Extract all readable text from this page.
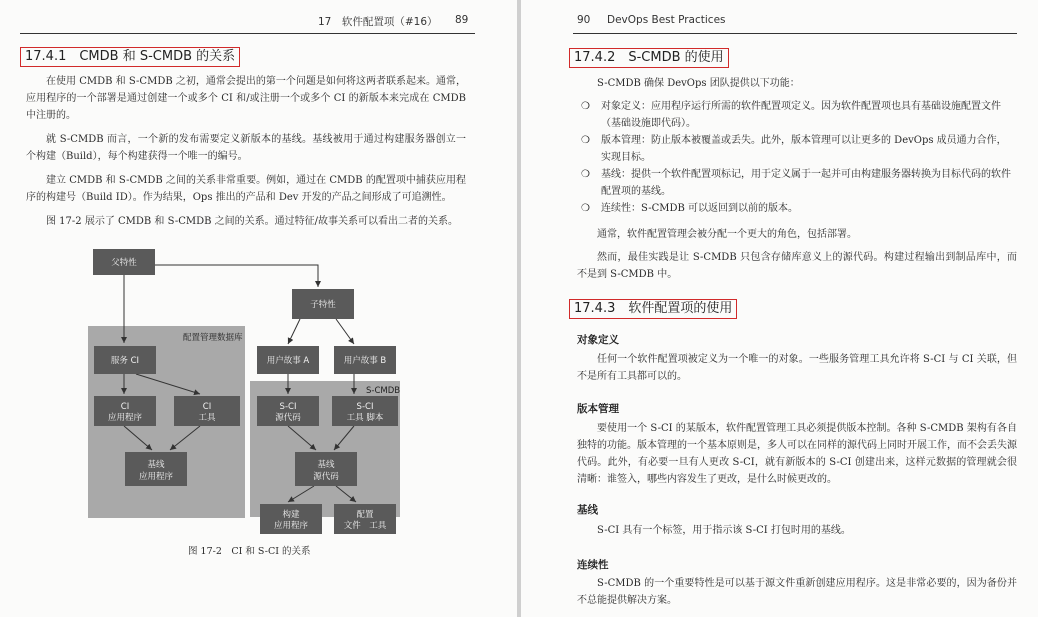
17　软件配置项（#16） 89
17.4.1　CMDB 和 S-CMDB 的关系
在使用 CMDB 和 S-CMDB 之初，通常会提出的第一个问题是如何将这两者联系起来。通常，应用程序的一个部署是通过创建一个或多个 CI 和/或注册一个或多个 CI 的新版本来完成在 CMDB 中注册的。
就 S-CMDB 而言，一个新的发布需要定义新版本的基线。基线被用于通过构建服务器创立一个构建（Build），每个构建获得一个唯一的编号。
建立 CMDB 和 S-CMDB 之间的关系非常重要。例如，通过在 CMDB 的配置项中捕获应用程序的构建号（Build ID）。作为结果，Ops 推出的产品和 Dev 开发的产品之间形成了可追溯性。
图 17-2 展示了 CMDB 和 S-CMDB 之间的关系。通过特征/故事关系可以看出二者的关系。
配置管理数据库
S-CMDB
父特性
子特性
服务 CI
CI
应用程序
CI
工具
基线
应用程序
用户故事 A	用户故事 B
S-CI
源代码
S-CI
工具 脚本
基线
源代码
构建
应用程序
配置
文件　工具
图 17-2　CI 和 S-CI 的关系
90 DevOps Best Practices
17.4.2　S-CMDB 的使用
S-CMDB 确保 DevOps 团队提供以下功能：
❍ 对象定义：应用程序运行所需的软件配置项定义。因为软件配置项也具有基础设施配置文件（基础设施即代码）。
❍ 版本管理：防止版本被覆盖或丢失。此外，版本管理可以让更多的 DevOps 成员通力合作，实现目标。
❍ 基线：提供一个软件配置项标记，用于定义属于一起并可由构建服务器转换为目标代码的软件配置项的基线。
❍ 连续性：S-CMDB 可以返回到以前的版本。
通常，软件配置管理会被分配一个更大的角色，包括部署。
然而，最佳实践是让 S-CMDB 只包含存储库意义上的源代码。构建过程输出到制品库中，而不是到 S-CMDB 中。
17.4.3　软件配置项的使用
对象定义
任何一个软件配置项被定义为一个唯一的对象。一些服务管理工具允许将 S-CI 与 CI 关联，但不是所有工具都可以的。
版本管理
要使用一个 S-CI 的某版本，软件配置管理工具必须提供版本控制。各种 S-CMDB 架构有各自独特的功能。版本管理的一个基本原则是，多人可以在同样的源代码上同时开展工作，而不会丢失源代码。此外，有必要一旦有人更改 S-CI，就有新版本的 S-CI 创建出来，这样元数据的管理就会很清晰：谁签入，哪些内容发生了更改，是什么时候更改的。
基线
S-CI 具有一个标签，用于指示该 S-CI 打包时用的基线。
连续性
S-CMDB 的一个重要特性是可以基于源文件重新创建应用程序。这是非常必要的，因为备份并不总能提供解决方案。
